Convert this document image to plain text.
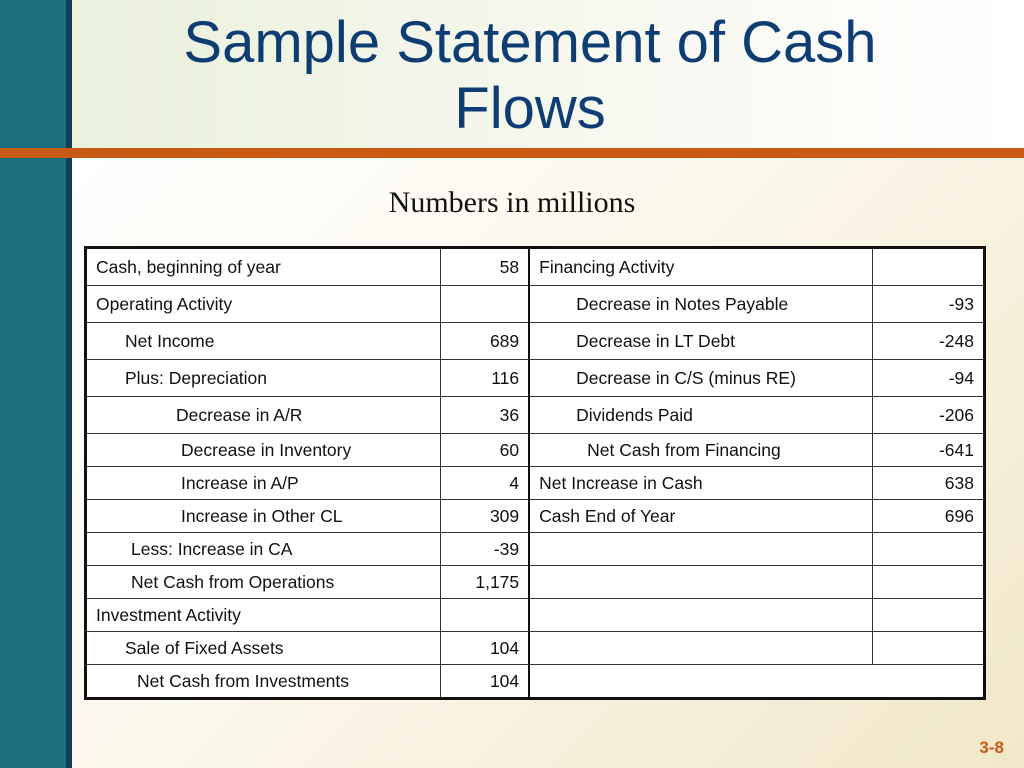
Sample Statement of Cash Flows
Numbers in millions
Cash, beginning of year	58	Financing Activity	
Operating Activity		Decrease in Notes Payable	-93
Net Income	689	Decrease in LT Debt	-248
Plus: Depreciation	116	Decrease in C/S (minus RE)	-94
Decrease in A/R	36	Dividends Paid	-206
Decrease in Inventory	60	Net Cash from Financing	-641
Increase in A/P	4	Net Increase in Cash	638
Increase in Other CL	309	Cash End of Year	696
Less: Increase in CA	-39		
Net Cash from Operations	1,175		
Investment Activity			
Sale of Fixed Assets	104		
Net Cash from Investments	104		
3-8
